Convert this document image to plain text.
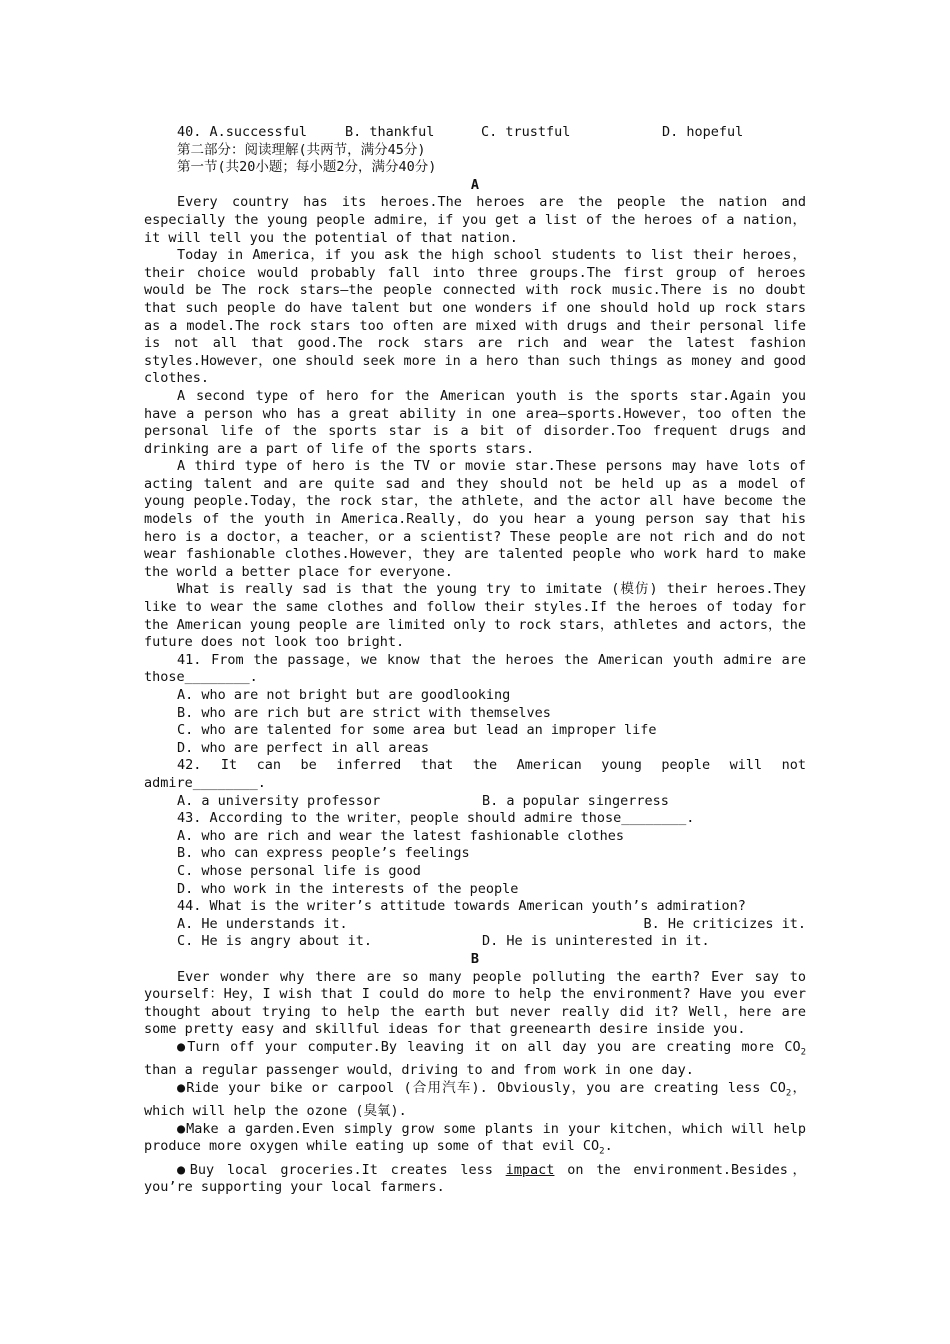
40. A.successful	B. thankful	C. trustful	D. hopeful
第二部分：阅读理解(共两节，满分45分)
第一节(共20小题；每小题2分，满分40分)
A
Every country has its heroes.The heroes are the people the nation and especially the young people admire，if you get a list of the heroes of a nation，it will tell you the potential of that nation.
Today in America，if you ask the high school students to list their heroes，their choice would probably fall into three groups.The first group of heroes would be The rock stars—the people connected with rock music.There is no doubt that such people do have talent but one wonders if one should hold up rock stars as a model.The rock stars too often are mixed with drugs and their personal life is not all that good.The rock stars are rich and wear the latest fashion styles.However，one should seek more in a hero than such things as money and good clothes.
A second type of hero for the American youth is the sports star.Again you have a person who has a great ability in one area—sports.However，too often the personal life of the sports star is a bit of disorder.Too frequent drugs and drinking are a part of life of the sports stars.
A third type of hero is the TV or movie star.These persons may have lots of acting talent and are quite sad and they should not be held up as a model of young people.Today，the rock star，the athlete，and the actor all have become the models of the youth in America.Really，do you hear a young person say that his hero is a doctor，a teacher，or a scientist? These people are not rich and do not wear fashionable clothes.However，they are talented people who work hard to make the world a better place for everyone.
What is really sad is that the young try to imitate (模仿) their heroes.They like to wear the same clothes and follow their styles.If the heroes of today for the American young people are limited only to rock stars，athletes and actors，the future does not look too bright.
41. From the passage，we know that the heroes the American youth admire are those________.
A. who are not bright but are goodlooking
B. who are rich but are strict with themselves
C. who are talented for some area but lead an improper life
D. who are perfect in all areas
42. It can be inferred that the American young people will not admire________.
A. a university professor	B. a popular singerress
43. According to the writer，people should admire those________.
A. who are rich and wear the latest fashionable clothes
B. who can express people’s feelings
C. whose personal life is good
D. who work in the interests of the people
44. What is the writer’s attitude towards American youth’s admiration?
A. He understands it.	B. He criticizes it.
C. He is angry about it.	D. He is uninterested in it.
B
Ever wonder why there are so many people polluting the earth? Ever say to yourself：Hey，I wish that I could do more to help the environment? Have you ever thought about trying to help the earth but never really did it? Well，here are some pretty easy and skillful ideas for that greenearth desire inside you.
●Turn off your computer.By leaving it on all day you are creating more $CO_2$ than a regular passenger would，driving to and from work in one day.
●Ride your bike or carpool (合用汽车). Obviously，you are creating less $CO_2$，which will help the ozone (臭氧).
●Make a garden.Even simply grow some plants in your kitchen，which will help produce more oxygen while eating up some of that evil $CO_2$.
●Buy local groceries.It creates less impact on the environment.Besides，you’re supporting your local farmers.
